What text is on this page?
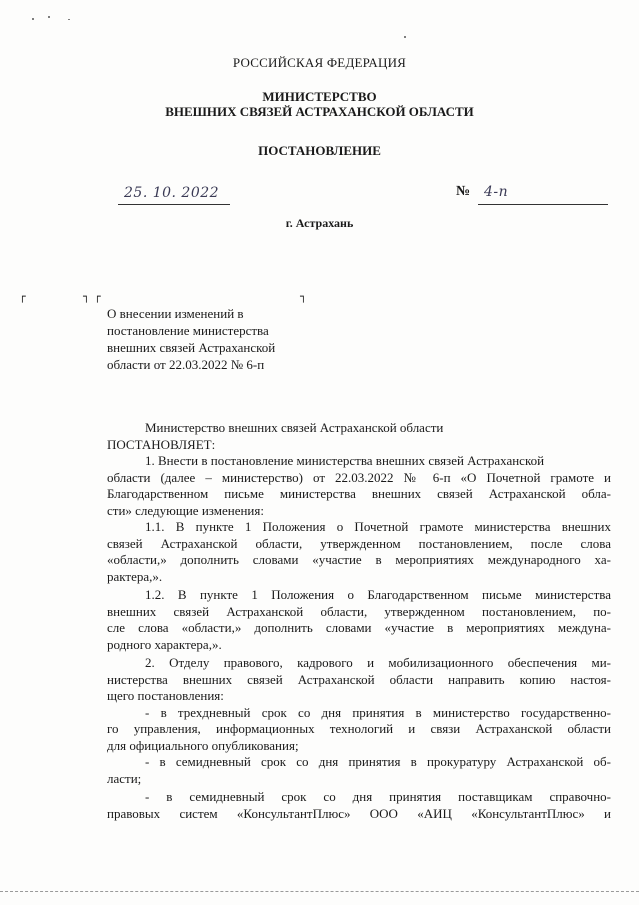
РОССИЙСКАЯ ФЕДЕРАЦИЯ
МИНИСТЕРСТВО
ВНЕШНИХ СВЯЗЕЙ АСТРАХАНСКОЙ ОБЛАСТИ
ПОСТАНОВЛЕНИЕ
25. 10. 2022	№ 4-п
г. Астрахань
┌	┐ ┌	┐
О внесении изменений в
постановление министерства
внешних связей Астраханской
области от 22.03.2022 № 6-п
Министерство внешних связей Астраханской области
ПОСТАНОВЛЯЕТ:
1. Внести в постановление министерства внешних связей Астраханской
области (далее – министерство) от 22.03.2022 № 6-п «О Почетной грамоте и
Благодарственном письме министерства внешних связей Астраханской обла-
сти» следующие изменения:
1.1. В пункте 1 Положения о Почетной грамоте министерства внешних
связей Астраханской области, утвержденном постановлением, после слова
«области,» дополнить словами «участие в мероприятиях международного ха-
рактера,».
1.2. В пункте 1 Положения о Благодарственном письме министерства
внешних связей Астраханской области, утвержденном постановлением, по-
сле слова «области,» дополнить словами «участие в мероприятиях междуна-
родного характера,».
2. Отделу правового, кадрового и мобилизационного обеспечения ми-
нистерства внешних связей Астраханской области направить копию настоя-
щего постановления:
- в трехдневный срок со дня принятия в министерство государственно-
го управления, информационных технологий и связи Астраханской области
для официального опубликования;
- в семидневный срок со дня принятия в прокуратуру Астраханской об-
ласти;
- в семидневный срок со дня принятия поставщикам справочно-
правовых систем «КонсультантПлюс» ООО «АИЦ «КонсультантПлюс» и
